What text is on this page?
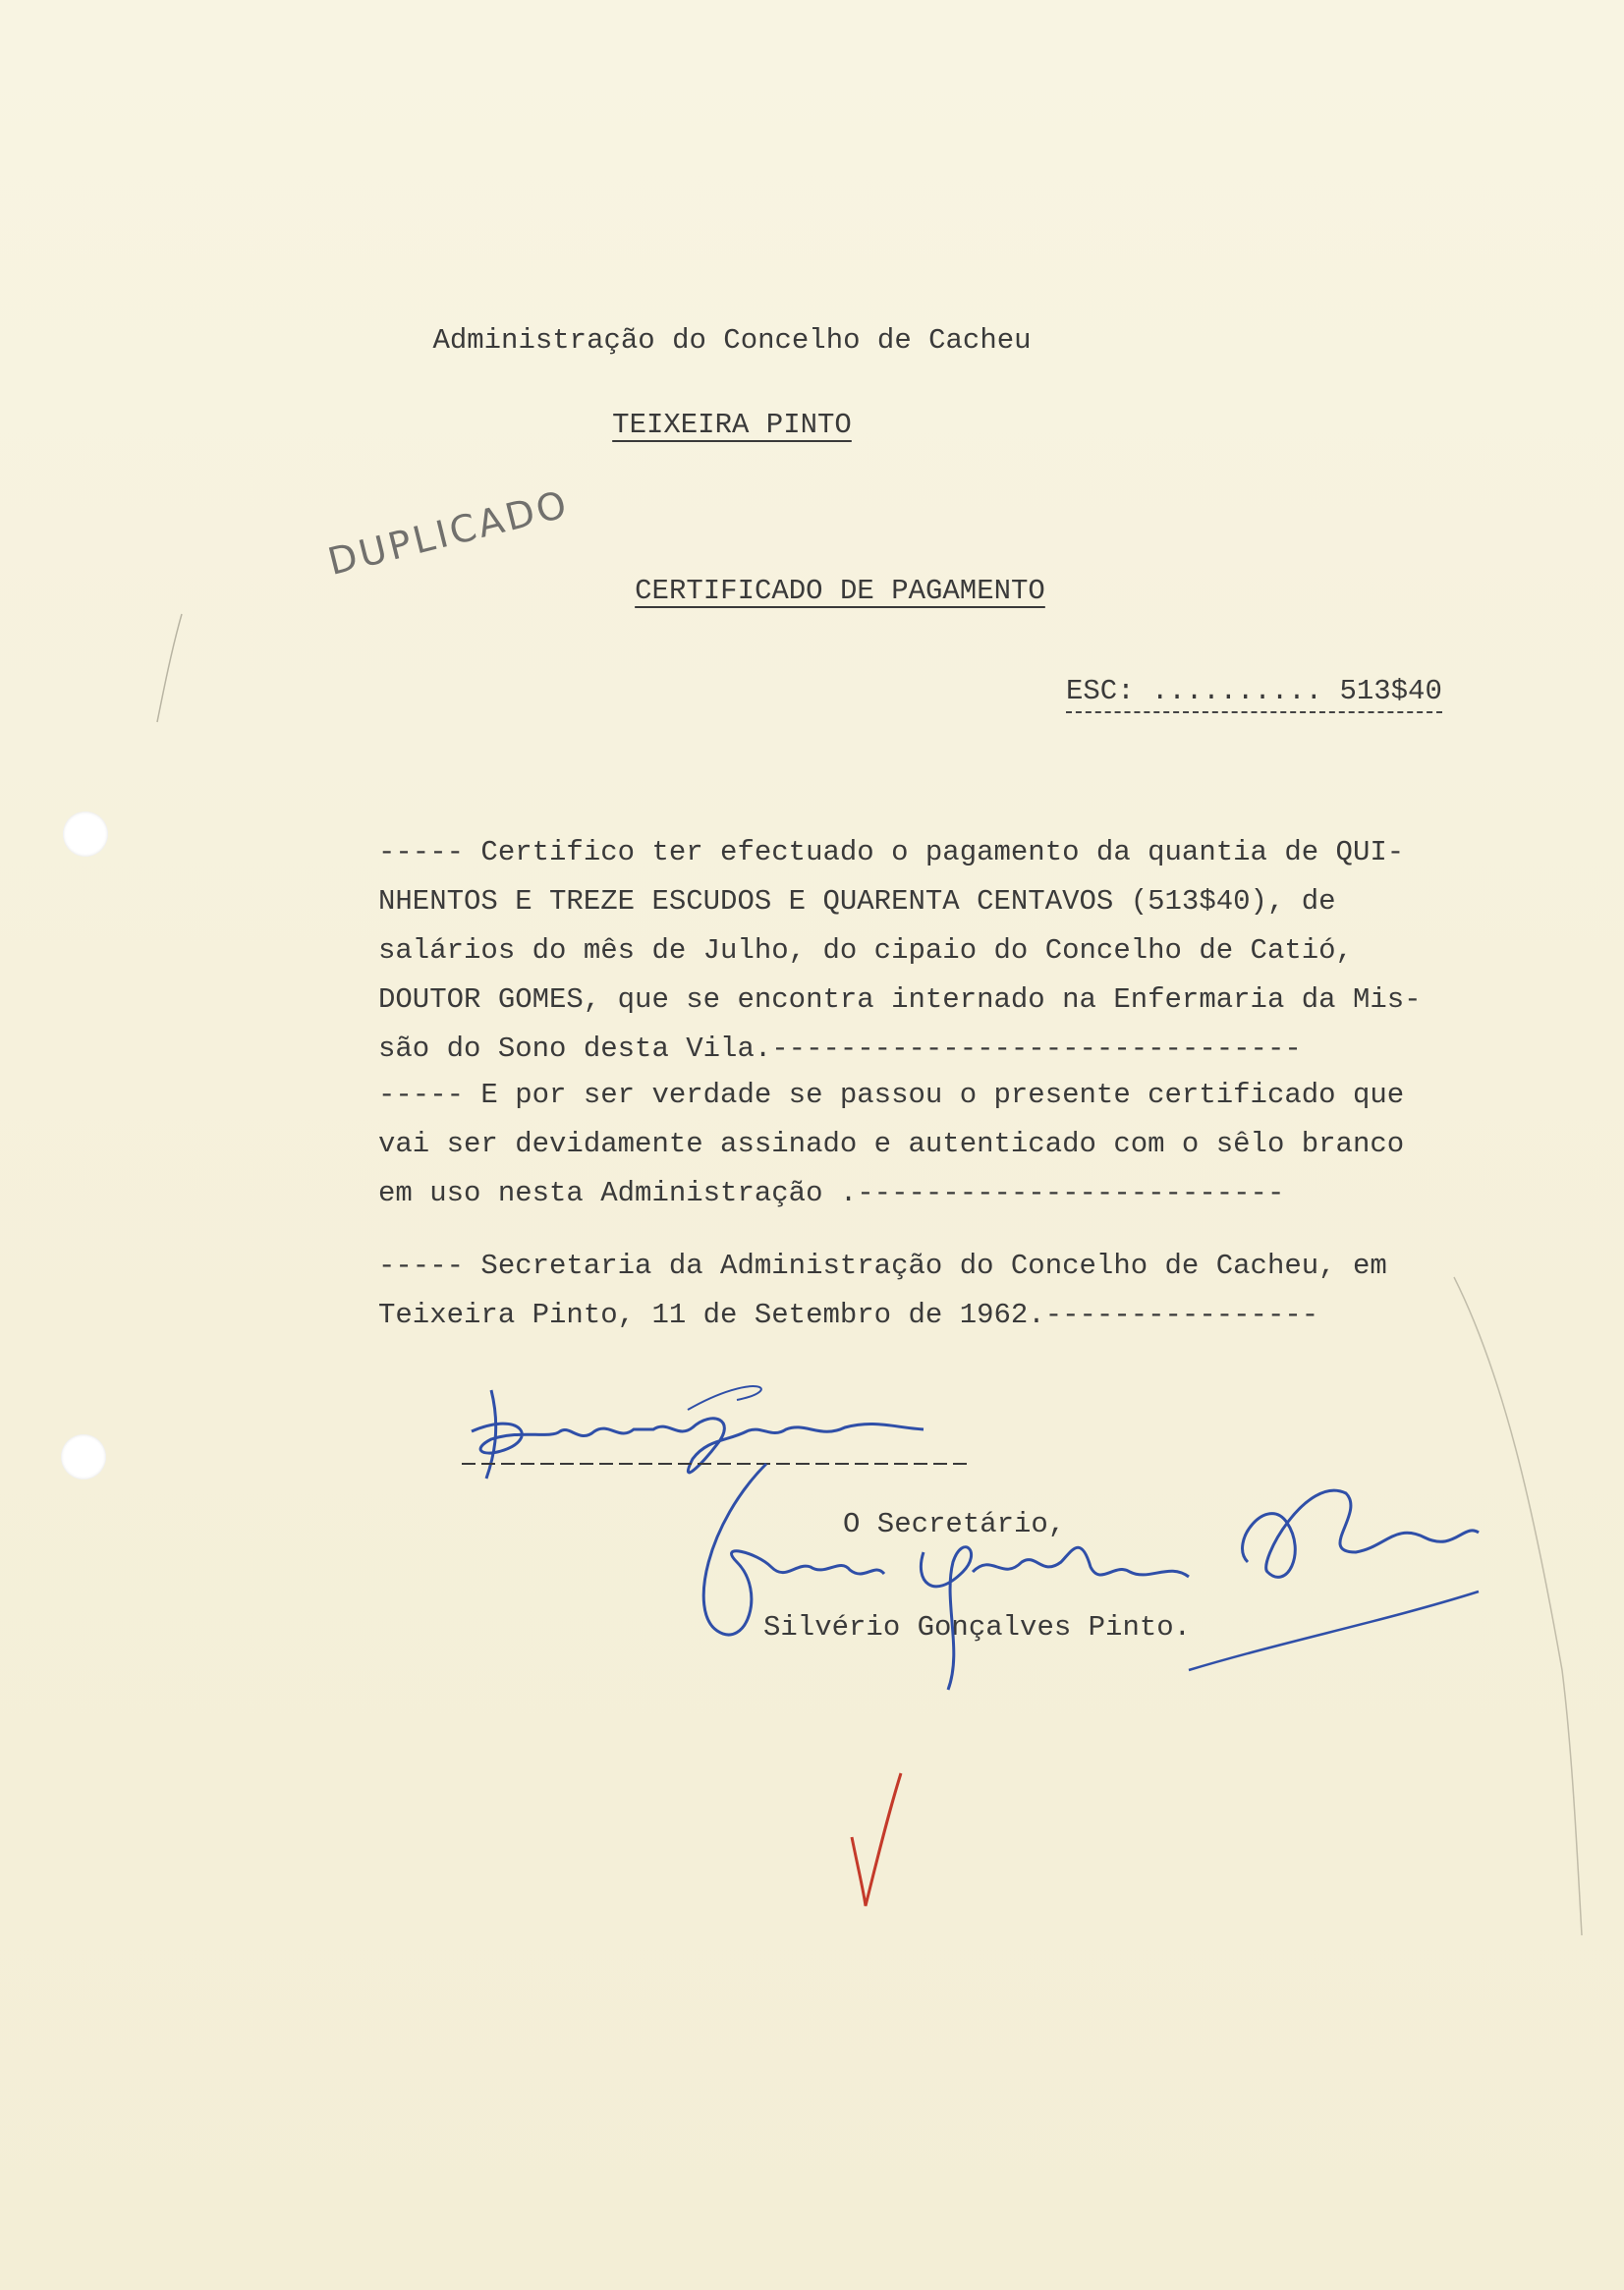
Administração do Concelho de Cacheu
TEIXEIRA PINTO
DUPLICADO
CERTIFICADO DE PAGAMENTO
ESC: .......... 513$40
----- Certifico ter efectuado o pagamento da quantia de QUI-
NHENTOS E TREZE ESCUDOS E QUARENTA CENTAVOS (513$40), de
salários do mês de Julho, do cipaio do Concelho de Catió,
DOUTOR GOMES, que se encontra internado na Enfermaria da Mis-
são do Sono desta Vila.-------------------------------
----- E por ser verdade se passou o presente certificado que
vai ser devidamente assinado e autenticado com o sêlo branco
em uso nesta Administração .-------------------------
----- Secretaria da Administração do Concelho de Cacheu, em
Teixeira Pinto, 11 de Setembro de 1962.----------------
O Secretário,
Silvério Gonçalves Pinto.
